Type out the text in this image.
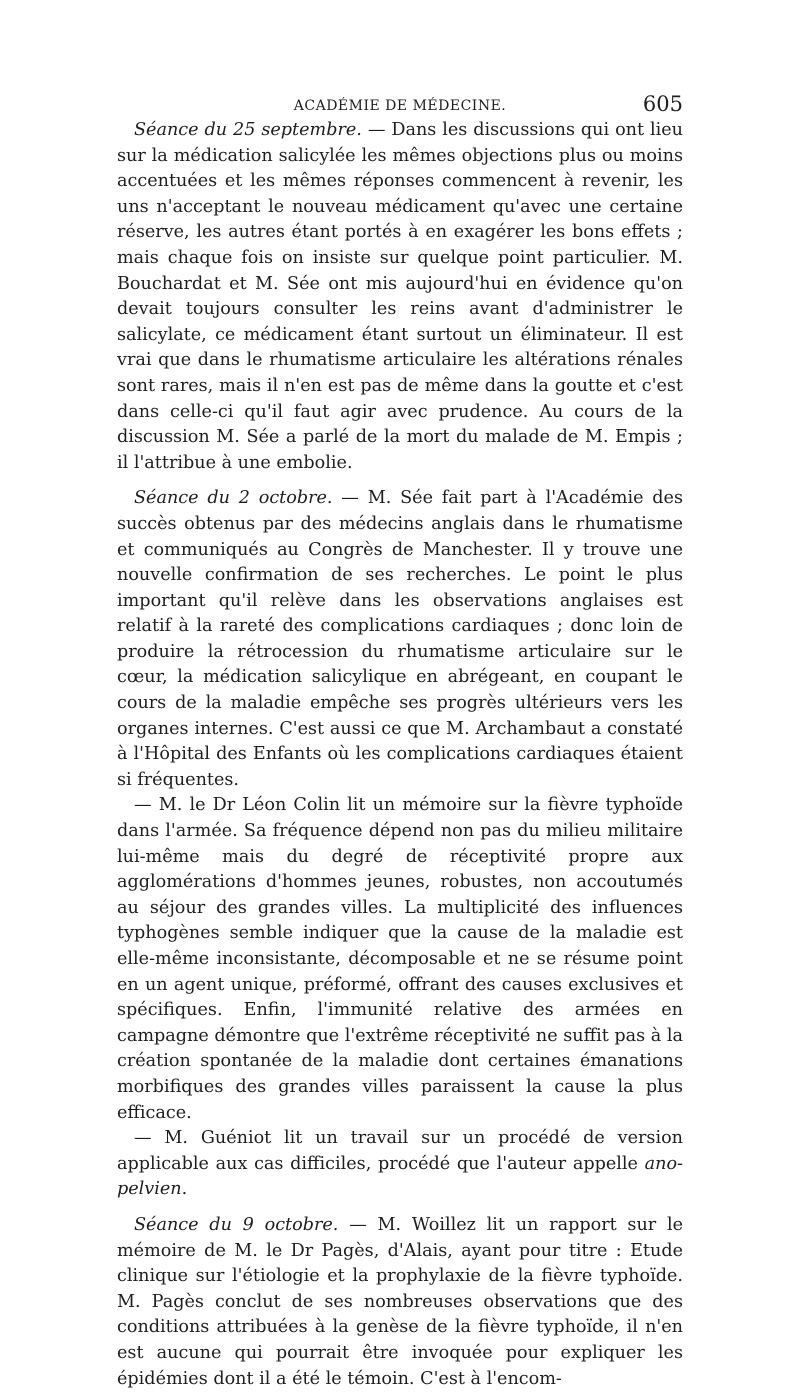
ACADÉMIE DE MÉDECINE.	605

Séance du 25 septembre. — Dans les discussions qui ont lieu sur la médication salicylée les mêmes objections plus ou moins accentuées et les mêmes réponses commencent à revenir, les uns n'acceptant le nouveau médicament qu'avec une certaine réserve, les autres étant portés à en exagérer les bons effets ; mais chaque fois on insiste sur quelque point particulier. M. Bouchardat et M. Sée ont mis aujourd'hui en évidence qu'on devait toujours consulter les reins avant d'administrer le salicylate, ce médicament étant surtout un éliminateur. Il est vrai que dans le rhumatisme articulaire les altérations rénales sont rares, mais il n'en est pas de même dans la goutte et c'est dans celle-ci qu'il faut agir avec prudence. Au cours de la discussion M. Sée a parlé de la mort du malade de M. Empis ; il l'attribue à une embolie.

Séance du 2 octobre. — M. Sée fait part à l'Académie des succès obtenus par des médecins anglais dans le rhumatisme et communiqués au Congrès de Manchester. Il y trouve une nouvelle confirmation de ses recherches. Le point le plus important qu'il relève dans les observations anglaises est relatif à la rareté des complications cardiaques ; donc loin de produire la rétrocession du rhumatisme articulaire sur le cœur, la médication salicylique en abrégeant, en coupant le cours de la maladie empêche ses progrès ultérieurs vers les organes internes. C'est aussi ce que M. Archambaut a constaté à l'Hôpital des Enfants où les complications cardiaques étaient si fréquentes.

— M. le Dr Léon Colin lit un mémoire sur la fièvre typhoïde dans l'armée. Sa fréquence dépend non pas du milieu militaire lui-même mais du degré de réceptivité propre aux agglomérations d'hommes jeunes, robustes, non accoutumés au séjour des grandes villes. La multiplicité des influences typhogènes semble indiquer que la cause de la maladie est elle-même inconsistante, décomposable et ne se résume point en un agent unique, préformé, offrant des causes exclusives et spécifiques. Enfin, l'immunité relative des armées en campagne démontre que l'extrême réceptivité ne suffit pas à la création spontanée de la maladie dont certaines émanations morbifiques des grandes villes paraissent la cause la plus efficace.

— M. Guéniot lit un travail sur un procédé de version applicable aux cas difficiles, procédé que l'auteur appelle ano-pelvien.

Séance du 9 octobre. — M. Woillez lit un rapport sur le mémoire de M. le Dr Pagès, d'Alais, ayant pour titre : Etude clinique sur l'étiologie et la prophylaxie de la fièvre typhoïde. M. Pagès conclut de ses nombreuses observations que des conditions attribuées à la genèse de la fièvre typhoïde, il n'en est aucune qui pourrait être invoquée pour expliquer les épidémies dont il a été le témoin. C'est à l'encom-
